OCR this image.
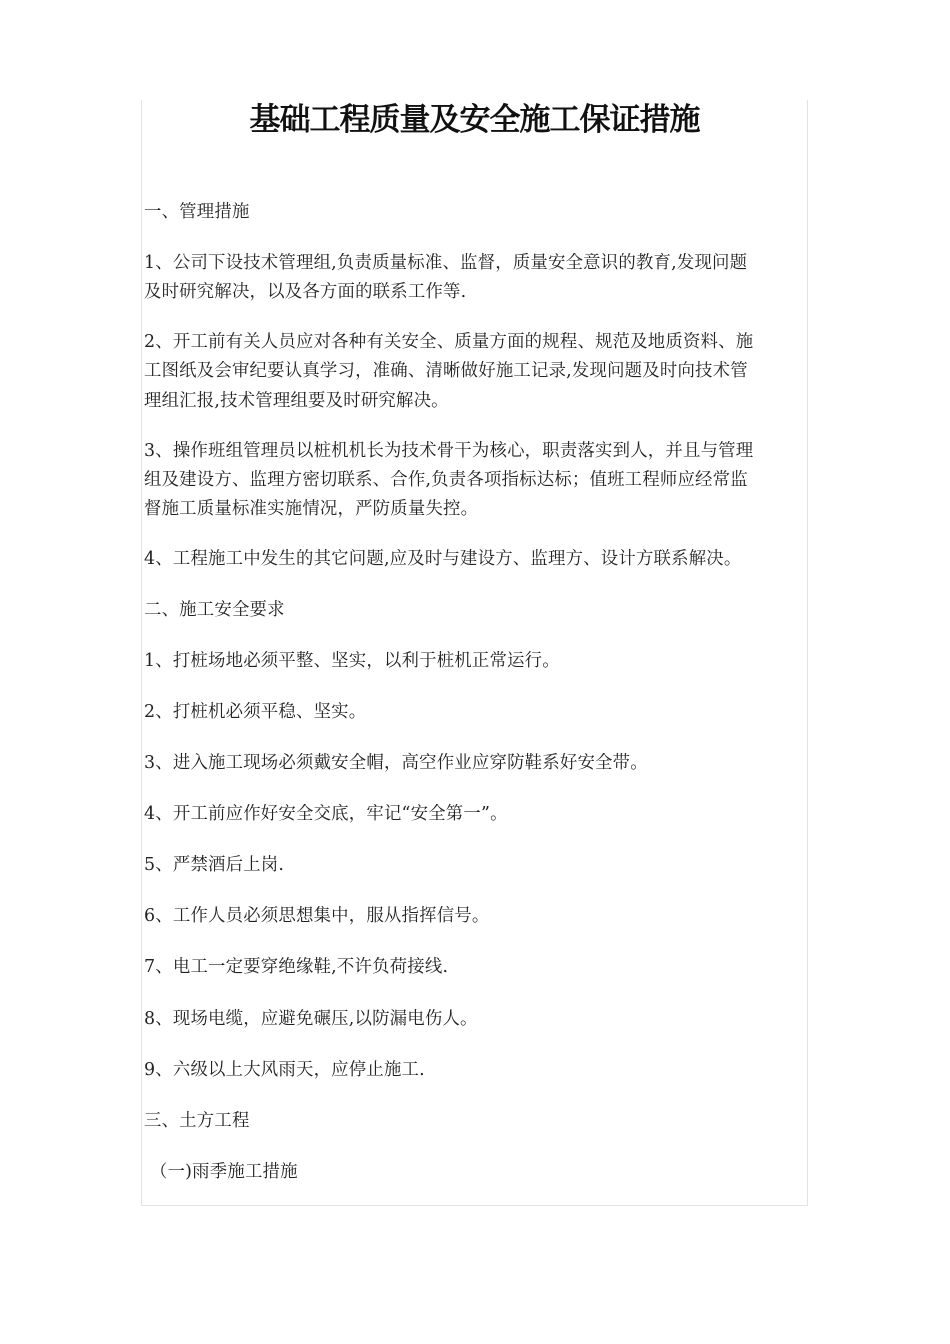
基础工程质量及安全施工保证措施

一、管理措施

1、公司下设技术管理组,负责质量标准、监督，质量安全意识的教育,发现问题

及时研究解决，以及各方面的联系工作等.

2、开工前有关人员应对各种有关安全、质量方面的规程、规范及地质资料、施

工图纸及会审纪要认真学习，准确、清晰做好施工记录,发现问题及时向技术管

理组汇报,技术管理组要及时研究解决。

3、操作班组管理员以桩机机长为技术骨干为核心，职责落实到人，并且与管理

组及建设方、监理方密切联系、合作,负责各项指标达标；值班工程师应经常监

督施工质量标准实施情况，严防质量失控。

4、工程施工中发生的其它问题,应及时与建设方、监理方、设计方联系解决。

二、施工安全要求

1、打桩场地必须平整、坚实，以利于桩机正常运行。

2、打桩机必须平稳、坚实。

3、进入施工现场必须戴安全帽，高空作业应穿防鞋系好安全带。

4、开工前应作好安全交底，牢记“安全第一”。

5、严禁酒后上岗.

6、工作人员必须思想集中，服从指挥信号。

7、电工一定要穿绝缘鞋,不许负荷接线.

8、现场电缆，应避免碾压,以防漏电伤人。

9、六级以上大风雨天，应停止施工.

三、土方工程

（一)雨季施工措施
